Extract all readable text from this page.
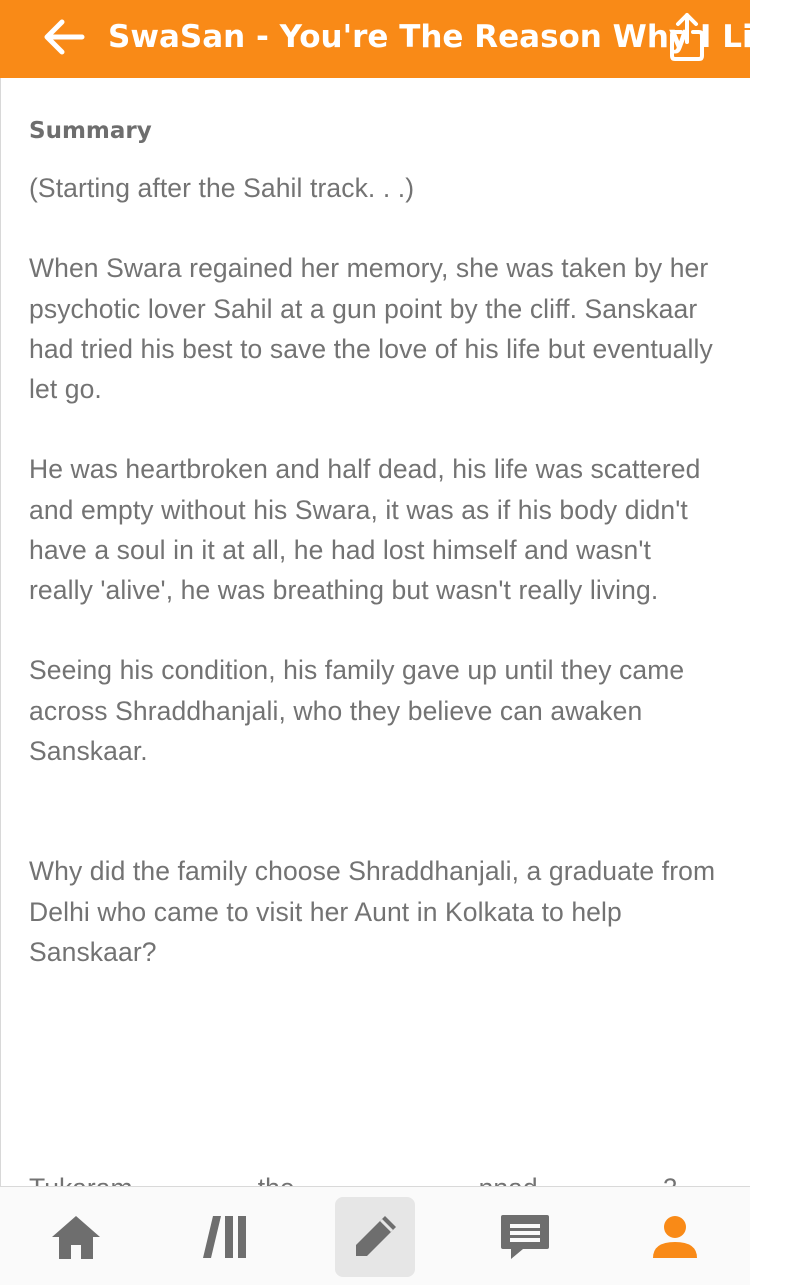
SwaSan - You're The Reason Why I Live
Summary

(Starting after the Sahil track. . .)

When Swara regained her memory, she was taken by her psychotic lover Sahil at a gun point by the cliff. Sanskaar had tried his best to save the love of his life but eventually let go.

He was heartbroken and half dead, his life was scattered and empty without his Swara, it was as if his body didn't have a soul in it at all, he had lost himself and wasn't really 'alive', he was breathing but wasn't really living.

Seeing his condition, his family gave up until they came across Shraddhanjali, who they believe can awaken Sanskaar.

Why did the family choose Shraddhanjali, a graduate from Delhi who came to visit her Aunt in Kolkata to help Sanskaar?
